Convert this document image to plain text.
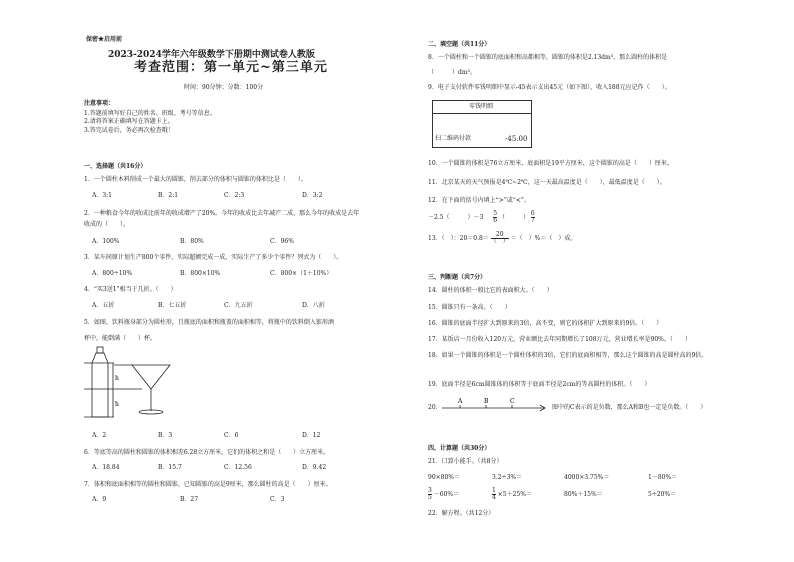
保密★启用前
2023-2024学年六年级数学下册期中测试卷人教版
考查范围：第一单元~第三单元
时间：90分钟；分数：100分
注意事项：
1.答题前填写好自己的姓名、班级、考号等信息。
2.请将答案正确填写在答题卡上。
3.答完试卷后，务必再次检查哦！
一、选择题（共16分）
1．一个圆柱木料削成一个最大的圆锥，削去部分的体积与圆锥的体积比是（　　）。
A．3:1	B．2:1	C．2:3	D．3:2
2．一种粮食今年的收成比前年的收成增产了20%。今年的收成比去年减产二成，那么今年的收成是去年
收成的（　　）。
A．100%	B．80%	C．96%
3．某车间原计划生产800个零件，实际超额完成一成，实际生产了多少个零件？列式为（　　）。
A．800÷10%	B．800×10%	C．800×（1＋10%）
4．“买3送1”相当于几折。（　　）
A．五折	B．七五折	C．九五折	D．八折
5．如图，饮料瓶身部分为圆柱形，且瓶底的面积和瓶盖的面积相等，将瓶中的饮料倒入锥形酒
杯中，能倒满（　　）杯。
h
h
A．2	B．3	C．6	D．12
6．等底等高的圆柱和圆锥的体积相差6.28立方厘米，它们的体积之和是（　　）立方厘米。
A．18.84	B．15.7	C．12.56	D．9.42
7．体积和底面积相等的圆柱和圆锥，已知圆锥的高是9厘米，那么圆柱的高是（　　）厘米。
A．9	B．27	C．3
二、填空题（共11分）
8．一个圆柱和一个圆锥的底面积和高都相等，圆锥的体积是2.13dm³，那么圆柱的体积是
（　　　）dm³。
9．电子支付软件零钱明细中显示-45表示支出45元（如下图），收入188元应记作（　　）。
零钱明细
扫二维码付款	-45.00
10．一个圆锥的体积是76立方厘米，底面积是19平方厘米，这个圆锥的高是（　　）厘米。
11．北京某天的天气预报是4℃~2℃，这一天最高温度是（　　），最低温度是（　　）。
12．在下面的括号内填上“>”或“<”。
－2.5（　　　）$-3 \frac{5}{6}$ （　　　） $\frac{6}{7}$
13．（　）：$20=0.8= \frac{20}{( )}$ ＝（　）%＝（　）成。
三、判断题（共7分）
14．圆柱的体积一般比它的表面积大。（　　）
15．圆锥只有一条高。（　　）
16．圆锥的底面半径扩大到原来的3倍，高不变，则它的体积扩大到原来的9倍。（　　）
17．某饭店一月份收入120万元，营业额比去年同期增长了108万元，营业增长率是90%。（　　）
18．如果一个圆锥的体积是一个圆柱体积的3倍，它们的底面积相等，那么这个圆锥的高是圆柱高的9倍。
19．底面半径是6cm圆锥体的体积等于底面半径是2cm的等高圆柱的体积。（　　）
20．
A	B	C
图中的C表示的是负数，那么A和B也一定是负数。（　　）
四、计算题（共30分）
21．口算小能手。（共8分）
90×80%＝	3.2÷3%＝	4000×3.75%＝	1－80%＝
$\frac{3}{5} -60\%=$	$\frac{1}{4} \times 5+25\%=$	80%＋15%＝	5÷20%＝
22．解方程。（共12分）
